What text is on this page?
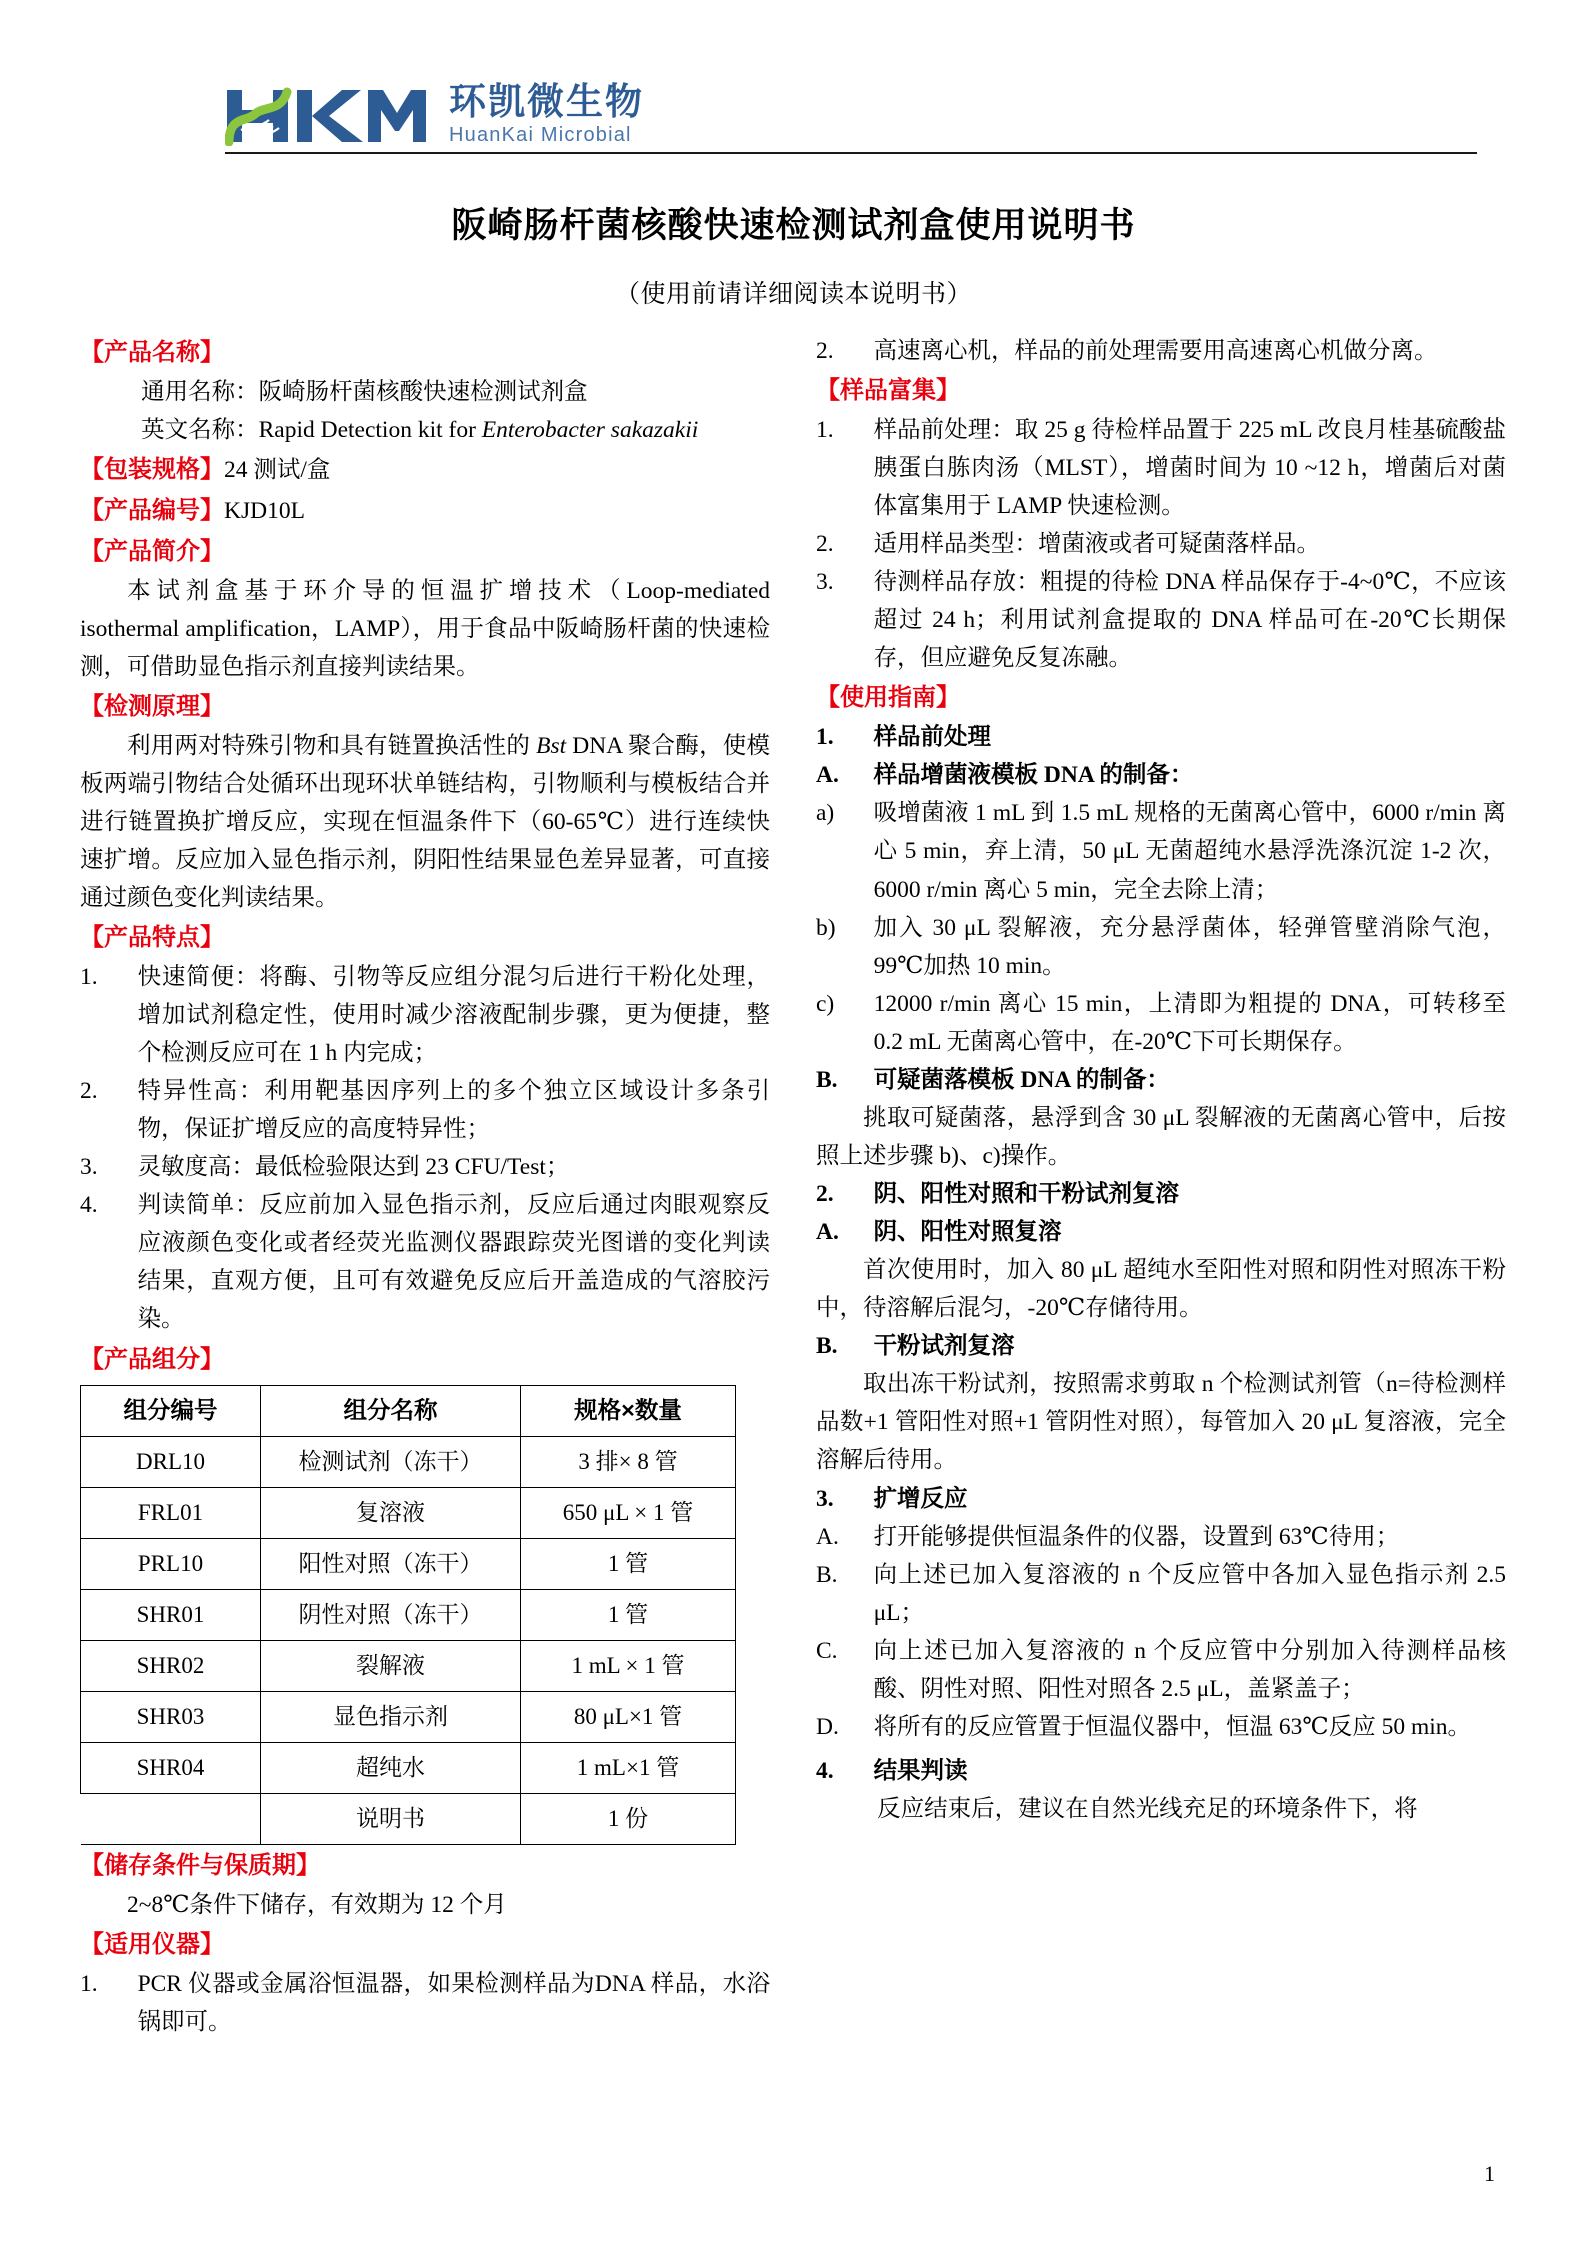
环凯微生物
HuanKai Microbial
阪崎肠杆菌核酸快速检测试剂盒使用说明书
（使用前请详细阅读本说明书）
【产品名称】
通用名称：阪崎肠杆菌核酸快速检测试剂盒
英文名称：Rapid Detection kit for Enterobacter sakazakii
【包装规格】24 测试/盒
【产品编号】KJD10L
【产品简介】
本试剂盒基于环介导的恒温扩增技术（Loop-mediated isothermal amplification，LAMP），用于食品中阪崎肠杆菌的快速检测，可借助显色指示剂直接判读结果。
【检测原理】
利用两对特殊引物和具有链置换活性的 Bst DNA 聚合酶，使模板两端引物结合处循环出现环状单链结构，引物顺利与模板结合并进行链置换扩增反应，实现在恒温条件下（60-65℃）进行连续快速扩增。反应加入显色指示剂，阴阳性结果显色差异显著，可直接通过颜色变化判读结果。
【产品特点】
1.	快速简便：将酶、引物等反应组分混匀后进行干粉化处理，增加试剂稳定性，使用时减少溶液配制步骤，更为便捷，整个检测反应可在 1 h 内完成；
2.	特异性高：利用靶基因序列上的多个独立区域设计多条引物，保证扩增反应的高度特异性；
3.	灵敏度高：最低检验限达到 23 CFU/Test；
4.	判读简单：反应前加入显色指示剂，反应后通过肉眼观察反应液颜色变化或者经荧光监测仪器跟踪荧光图谱的变化判读结果，直观方便，且可有效避免反应后开盖造成的气溶胶污染。
【产品组分】
组分编号	组分名称	规格×数量
DRL10	检测试剂（冻干）	3 排× 8 管
FRL01	复溶液	650 μL × 1 管
PRL10	阳性对照（冻干）	1 管
SHR01	阴性对照（冻干）	1 管
SHR02	裂解液	1 mL × 1 管
SHR03	显色指示剂	80 μL×1 管
SHR04	超纯水	1 mL×1 管
	说明书	1 份
【储存条件与保质期】
2~8℃条件下储存，有效期为 12 个月
【适用仪器】
1.	PCR 仪器或金属浴恒温器，如果检测样品为DNA 样品，水浴锅即可。
2.	高速离心机，样品的前处理需要用高速离心机做分离。
【样品富集】
1.	样品前处理：取 25 g 待检样品置于 225 mL 改良月桂基硫酸盐胰蛋白胨肉汤（MLST），增菌时间为 10 ~12 h，增菌后对菌体富集用于 LAMP 快速检测。
2.	适用样品类型：增菌液或者可疑菌落样品。
3.	待测样品存放：粗提的待检 DNA 样品保存于-4~0℃，不应该超过 24 h；利用试剂盒提取的 DNA 样品可在-20℃长期保存，但应避免反复冻融。
【使用指南】
1.	样品前处理
A.	样品增菌液模板 DNA 的制备：
a)	吸增菌液 1 mL 到 1.5 mL 规格的无菌离心管中，6000 r/min 离心 5 min，弃上清，50 μL 无菌超纯水悬浮洗涤沉淀 1-2 次，6000 r/min 离心 5 min，完全去除上清；
b)	加入 30 μL 裂解液，充分悬浮菌体，轻弹管壁消除气泡，99℃加热 10 min。
c)	12000 r/min 离心 15 min，上清即为粗提的 DNA，可转移至 0.2 mL 无菌离心管中，在-20℃下可长期保存。
B.	可疑菌落模板 DNA 的制备：
挑取可疑菌落，悬浮到含 30 μL 裂解液的无菌离心管中，后按照上述步骤 b)、c)操作。
2.	阴、阳性对照和干粉试剂复溶
A.	阴、阳性对照复溶
首次使用时，加入 80 μL 超纯水至阳性对照和阴性对照冻干粉中，待溶解后混匀，-20℃存储待用。
B.	干粉试剂复溶
取出冻干粉试剂，按照需求剪取 n 个检测试剂管（n=待检测样品数+1 管阳性对照+1 管阴性对照），每管加入 20 μL 复溶液，完全溶解后待用。
3.	扩增反应
A.	打开能够提供恒温条件的仪器，设置到 63℃待用；
B.	向上述已加入复溶液的 n 个反应管中各加入显色指示剂 2.5 μL；
C.	向上述已加入复溶液的 n 个反应管中分别加入待测样品核酸、阴性对照、阳性对照各 2.5 μL，盖紧盖子；
D.	将所有的反应管置于恒温仪器中，恒温 63℃反应 50 min。
4.	结果判读
反应结束后，建议在自然光线充足的环境条件下，将
1
